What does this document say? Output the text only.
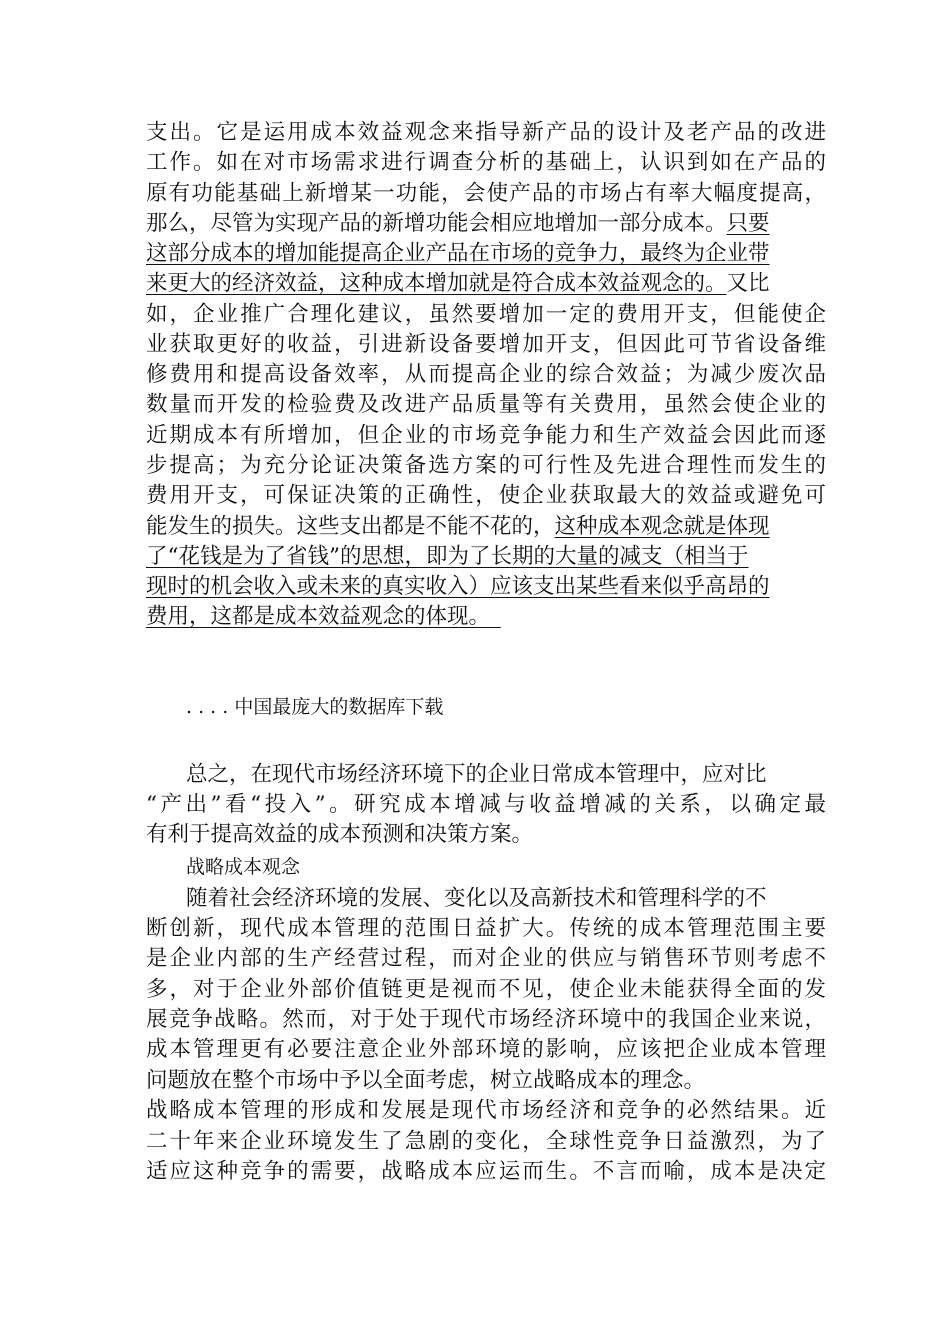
支出。它是运用成本效益观念来指导新产品的设计及老产品的改进
工作。如在对市场需求进行调查分析的基础上，认识到如在产品的
原有功能基础上新增某一功能，会使产品的市场占有率大幅度提高，
那么，尽管为实现产品的新增功能会相应地增加一部分成本。只要
这部分成本的增加能提高企业产品在市场的竞争力，最终为企业带
来更大的经济效益，这种成本增加就是符合成本效益观念的。又比
如，企业推广合理化建议，虽然要增加一定的费用开支，但能使企
业获取更好的收益，引进新设备要增加开支，但因此可节省设备维
修费用和提高设备效率，从而提高企业的综合效益；为减少废次品
数量而开发的检验费及改进产品质量等有关费用，虽然会使企业的
近期成本有所增加，但企业的市场竞争能力和生产效益会因此而逐
步提高；为充分论证决策备选方案的可行性及先进合理性而发生的
费用开支，可保证决策的正确性，使企业获取最大的效益或避免可
能发生的损失。这些支出都是不能不花的，这种成本观念就是体现
了“花钱是为了省钱”的思想，即为了长期的大量的减支（相当于
现时的机会收入或未来的真实收入）应该支出某些看来似乎高昂的
费用，这都是成本效益观念的体现。　
. . . . 中国最庞大的数据库下载
总之，在现代市场经济环境下的企业日常成本管理中，应对比
“产出”看“投入”。研究成本增减与收益增减的关系，以确定最
有利于提高效益的成本预测和决策方案。
战略成本观念
随着社会经济环境的发展、变化以及高新技术和管理科学的不
断创新，现代成本管理的范围日益扩大。传统的成本管理范围主要
是企业内部的生产经营过程，而对企业的供应与销售环节则考虑不
多，对于企业外部价值链更是视而不见，使企业未能获得全面的发
展竞争战略。然而，对于处于现代市场经济环境中的我国企业来说，
成本管理更有必要注意企业外部环境的影响，应该把企业成本管理
问题放在整个市场中予以全面考虑，树立战略成本的理念。
战略成本管理的形成和发展是现代市场经济和竞争的必然结果。近
二十年来企业环境发生了急剧的变化，全球性竞争日益激烈，为了
适应这种竞争的需要，战略成本应运而生。不言而喻，成本是决定
